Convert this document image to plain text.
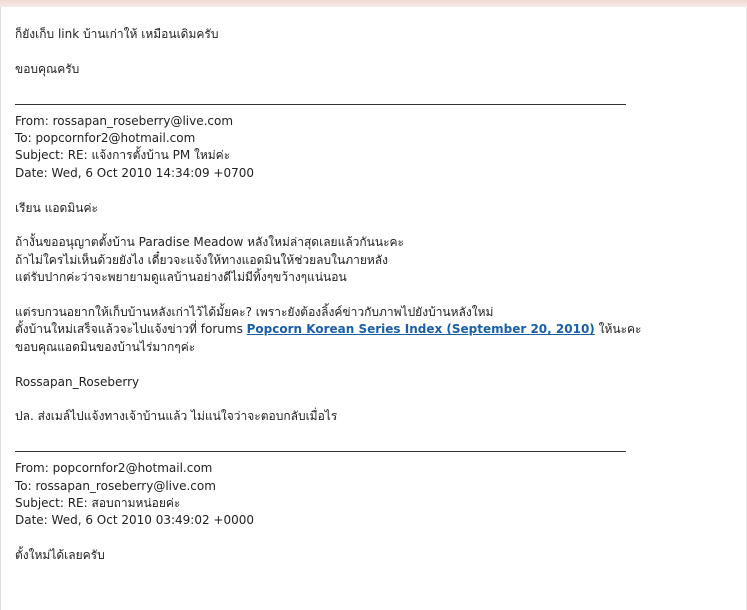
ก็ยังเก็บ link บ้านเก่าให้ เหมือนเดิมครับ
ขอบคุณครับ
From: rossapan_roseberry@live.com
To: popcornfor2@hotmail.com
Subject: RE: แจ้งการตั้งบ้าน PM ใหม่ค่ะ
Date: Wed, 6 Oct 2010 14:34:09 +0700
เรียน แอดมินค่ะ
ถ้างั้นขออนุญาตตั้งบ้าน Paradise Meadow หลังใหม่ล่าสุดเลยแล้วกันนะคะ
ถ้าไม่ใครไม่เห็นด้วยยังไง เดี๋ยวจะแจ้งให้ทางแอดมินให้ช่วยลบในภายหลัง
แต่รับปากค่ะว่าจะพยายามดูแลบ้านอย่างดีไม่มีทิ้งๆขว้างๆแน่นอน
แต่รบกวนอยากให้เก็บบ้านหลังเก่าไว้ได้มั้ยคะ? เพราะยังต้องลิ้งค์ข่าวกับภาพไปยังบ้านหลังใหม่
ตั้งบ้านใหม่เสร็จแล้วจะไปแจ้งข่าวที่ forums Popcorn Korean Series Index (September 20, 2010) ให้นะคะ
ขอบคุณแอดมินของบ้านไร่มากๆค่ะ
Rossapan_Roseberry
ปล. ส่งเมล์ไปแจ้งทางเจ้าบ้านแล้ว ไม่แน่ใจว่าจะตอบกลับเมื่อไร
From: popcornfor2@hotmail.com
To: rossapan_roseberry@live.com
Subject: RE: สอบถามหน่อยค่ะ
Date: Wed, 6 Oct 2010 03:49:02 +0000
ตั้งใหม่ได้เลยครับ
